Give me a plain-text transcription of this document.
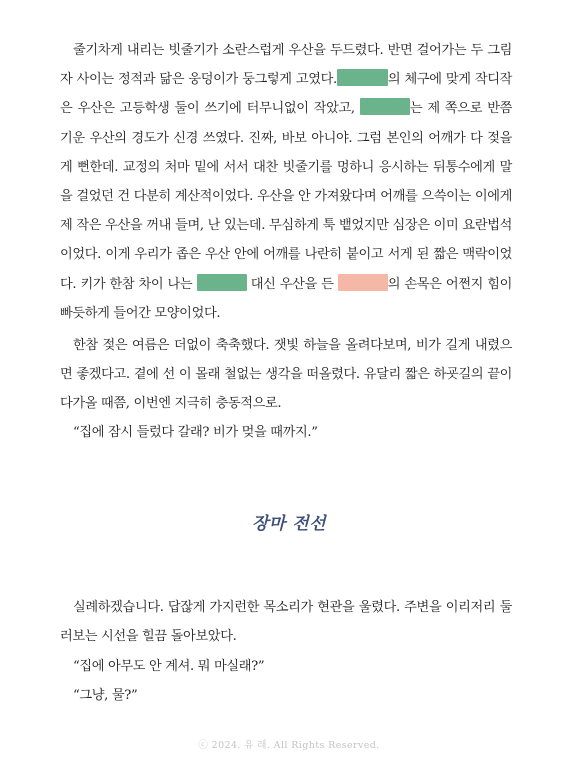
줄기차게 내리는 빗줄기가 소란스럽게 우산을 두드렸다. 반면 걸어가는 두 그림자 사이는 정적과 닮은 웅덩이가 둥그렇게 고였다.	의 체구에 맞게 작디작은 우산은 고등학생 둘이 쓰기에 터무니없이 작았고,	는 제 쪽으로 반쯤 기운 우산의 경도가 신경 쓰였다. 진짜, 바보 아니야. 그럼 본인의 어깨가 다 젖을 게 뻔한데. 교정의 처마 밑에 서서 대찬 빗줄기를 멍하니 응시하는 뒤통수에게 말을 걸었던 건 다분히 계산적이었다. 우산을 안 가져왔다며 어깨를 으쓱이는 이에게 제 작은 우산을 꺼내 들며, 난 있는데. 무심하게 툭 뱉었지만 심장은 이미 요란법석이었다. 이게 우리가 좁은 우산 안에 어깨를 나란히 붙이고 서게 된 짧은 맥락이었다. 키가 한참 차이 나는	대신 우산을 든	의 손목은 어쩐지 힘이 빠듯하게 들어간 모양이었다.

한참 젖은 여름은 더없이 축축했다. 잿빛 하늘을 올려다보며, 비가 길게 내렸으면 좋겠다고. 곁에 선 이 몰래 철없는 생각을 떠올렸다. 유달리 짧은 하굣길의 끝이 다가올 때쯤, 이번엔 지극히 충동적으로.

“집에 잠시 들렀다 갈래? 비가 멎을 때까지.”

장마 전선

실례하겠습니다. 답잖게 가지런한 목소리가 현관을 울렸다. 주변을 이리저리 둘러보는 시선을 힐끔 돌아보았다.

“집에 아무도 안 계셔. 뭐 마실래?”

“그냥, 물?”

ⓒ 2024. 유 래. All Rights Reserved.
